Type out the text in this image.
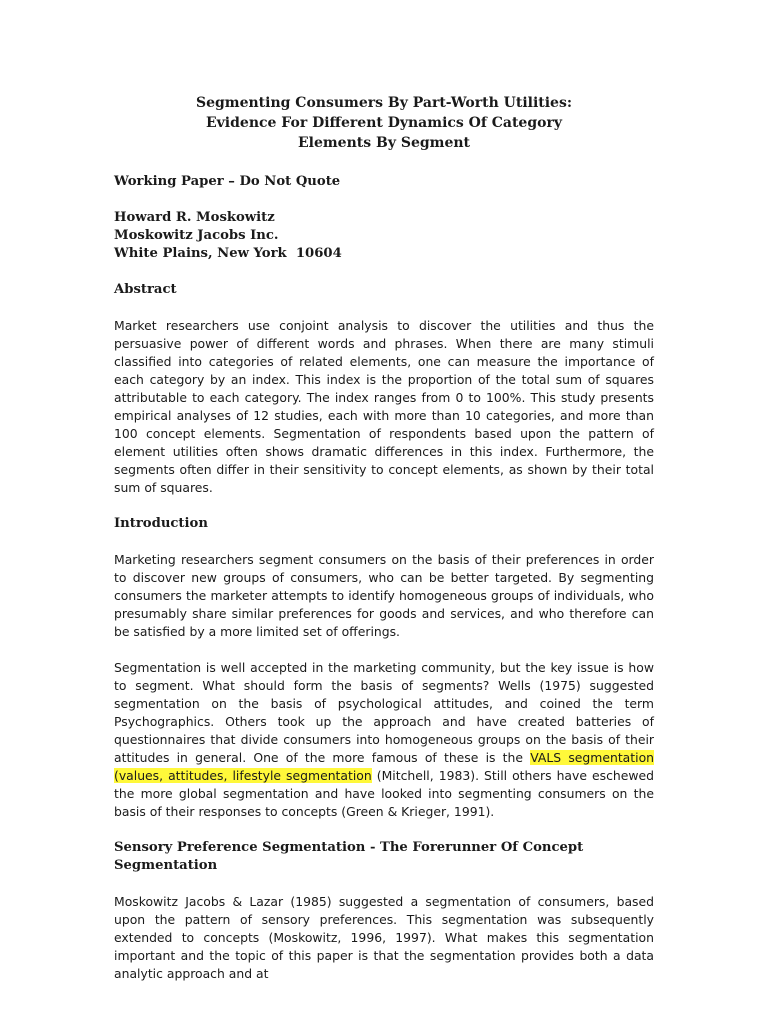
Segmenting Consumers By Part-Worth Utilities:
Evidence For Different Dynamics Of Category
Elements By Segment

Working Paper – Do Not Quote

Howard R. Moskowitz
Moskowitz Jacobs Inc.
White Plains, New York  10604

Abstract

Market researchers use conjoint analysis to discover the utilities and thus the persuasive power of different words and phrases. When there are many stimuli classified into categories of related elements, one can measure the importance of each category by an index. This index is the proportion of the total sum of squares attributable to each category. The index ranges from 0 to 100%. This study presents empirical analyses of 12 studies, each with more than 10 categories, and more than 100 concept elements. Segmentation of respondents based upon the pattern of element utilities often shows dramatic differences in this index. Furthermore, the segments often differ in their sensitivity to concept elements, as shown by their total sum of squares.

Introduction

Marketing researchers segment consumers on the basis of their preferences in order to discover new groups of consumers, who can be better targeted. By segmenting consumers the marketer attempts to identify homogeneous groups of individuals, who presumably share similar preferences for goods and services, and who therefore can be satisfied by a more limited set of offerings.

Segmentation is well accepted in the marketing community, but the key issue is how to segment. What should form the basis of segments? Wells (1975) suggested segmentation on the basis of psychological attitudes, and coined the term Psychographics. Others took up the approach and have created batteries of questionnaires that divide consumers into homogeneous groups on the basis of their attitudes in general. One of the more famous of these is the VALS segmentation (values, attitudes, lifestyle segmentation (Mitchell, 1983). Still others have eschewed the more global segmentation and have looked into segmenting consumers on the basis of their responses to concepts (Green & Krieger, 1991).

Sensory Preference Segmentation - The Forerunner Of Concept Segmentation

Moskowitz Jacobs & Lazar (1985) suggested a segmentation of consumers, based upon the pattern of sensory preferences. This segmentation was subsequently extended to concepts (Moskowitz, 1996, 1997). What makes this segmentation important and the topic of this paper is that the segmentation provides both a data analytic approach and at
